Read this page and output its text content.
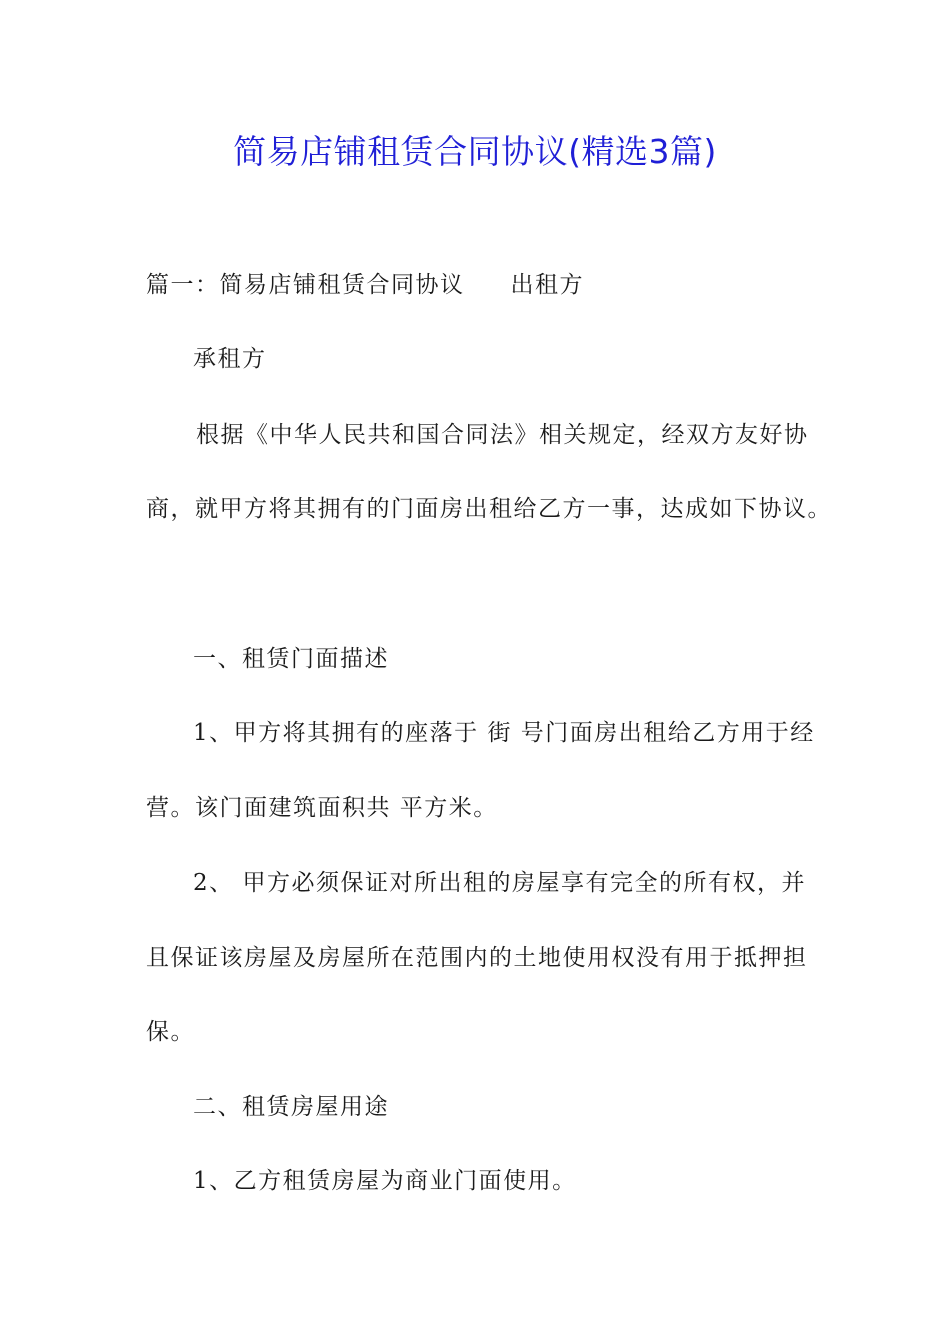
简易店铺租赁合同协议(精选3篇)
篇一：简易店铺租赁合同协议 出租方
承租方
根据《中华人民共和国合同法》相关规定，经双方友好协
商，就甲方将其拥有的门面房出租给乙方一事，达成如下协议。
一、租赁门面描述
1、甲方将其拥有的座落于 街 号门面房出租给乙方用于经
营。该门面建筑面积共 平方米。
2、 甲方必须保证对所出租的房屋享有完全的所有权，并
且保证该房屋及房屋所在范围内的土地使用权没有用于抵押担
保。
二、租赁房屋用途
1、乙方租赁房屋为商业门面使用。
